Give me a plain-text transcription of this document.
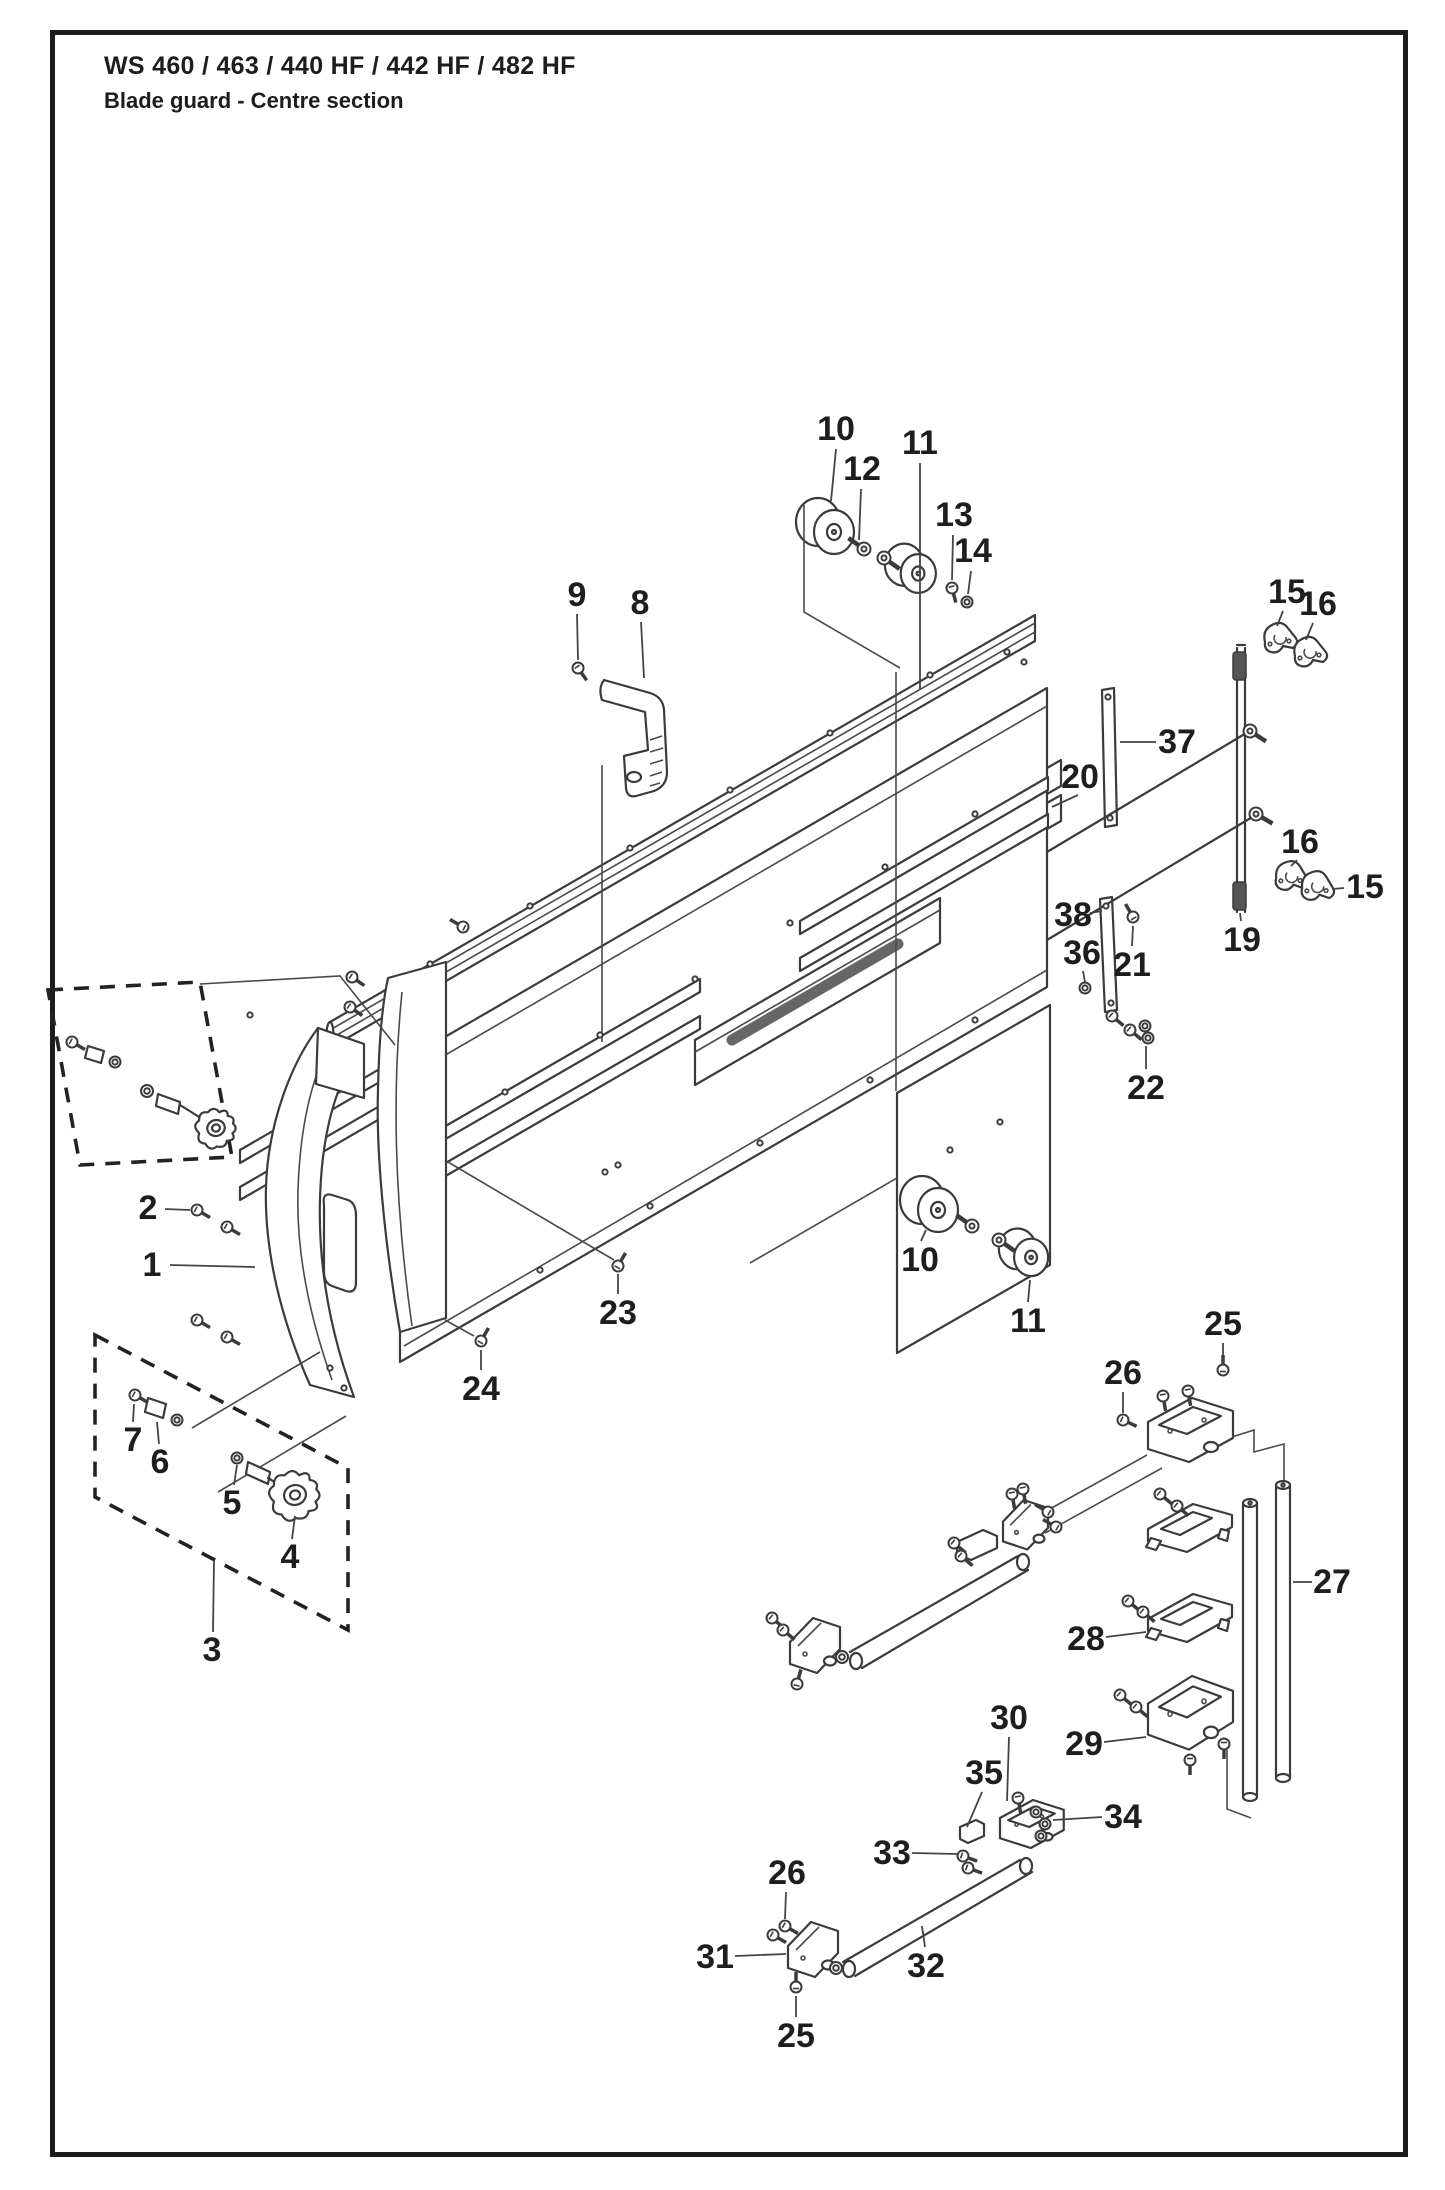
WS 460 / 463 / 440 HF / 442 HF / 482 HF
Blade guard - Centre section
1
2
3
4
5
6
7
8
9
10 11
12
13
14
15
16
37
20
16
15
38
36 21
19
22
23
24
10
11	25
26
27
28
29
30
35
34
33
26
31	32
25
